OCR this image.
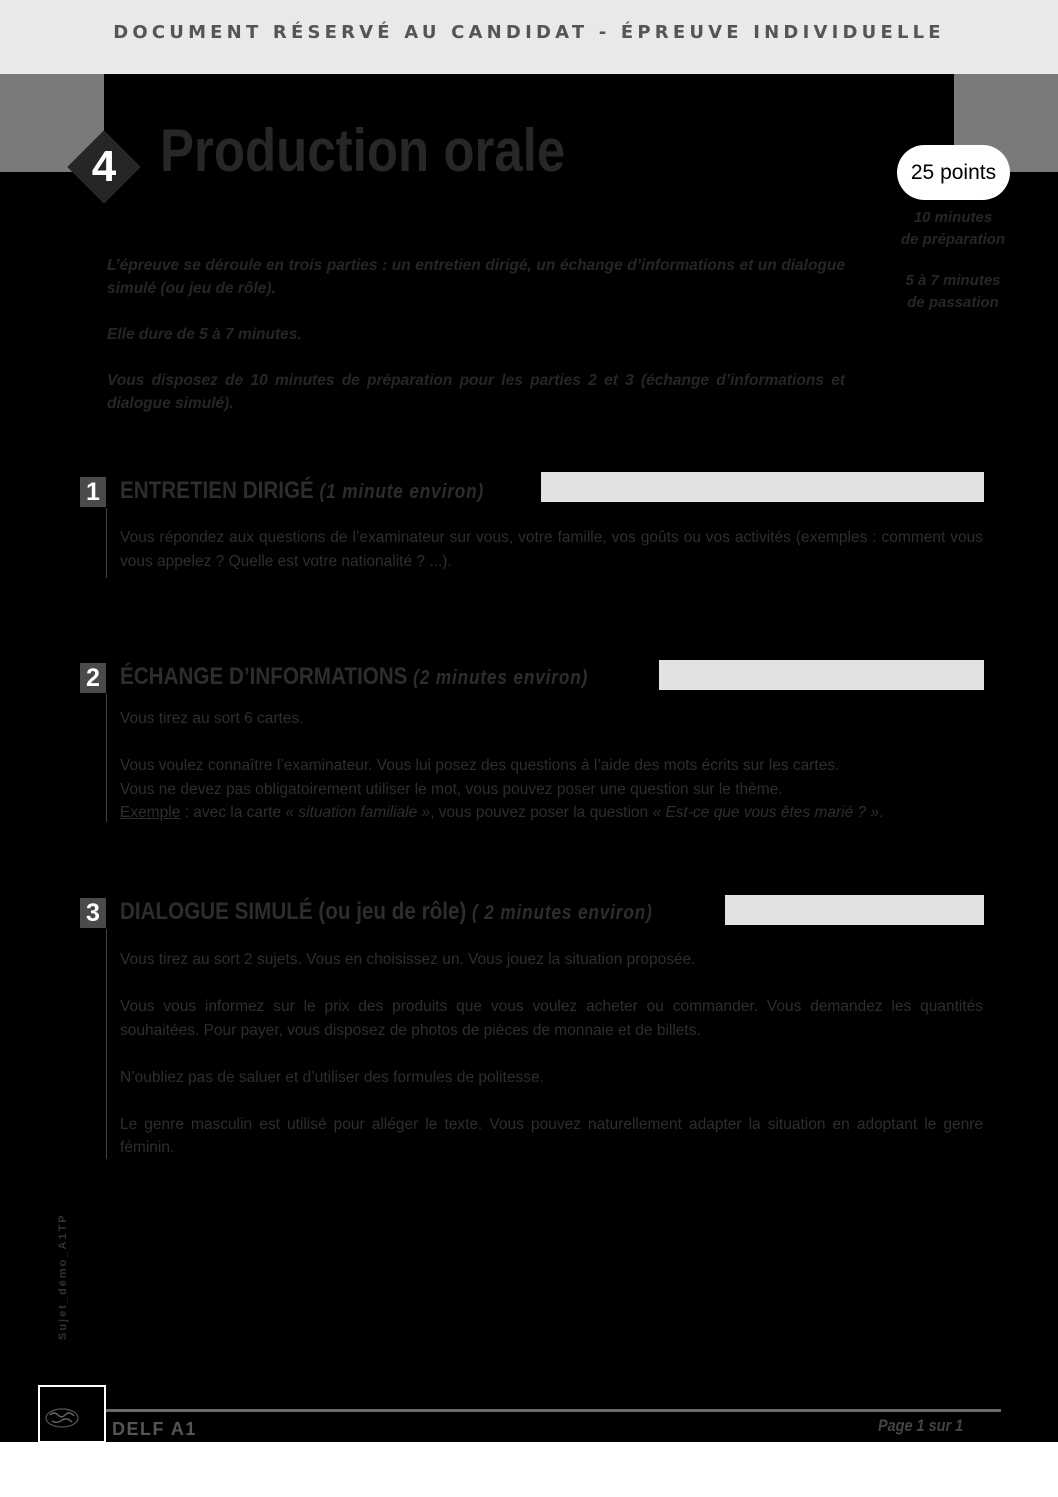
DOCUMENT RÉSERVÉ AU CANDIDAT - ÉPREUVE INDIVIDUELLE
4 Production orale	25 points
10 minutes
de préparation
5 à 7 minutes
de passation

L’épreuve se déroule en trois parties : un entretien dirigé, un échange d’informations et un dialogue simulé (ou jeu de rôle).

Elle dure de 5 à 7 minutes.

Vous disposez de 10 minutes de préparation pour les parties 2 et 3 (échange d’informations et dialogue simulé).

1 ENTRETIEN DIRIGÉ (1 minute environ)

Vous répondez aux questions de l’examinateur sur vous, votre famille, vos goûts ou vos activités (exemples : comment vous vous appelez ? Quelle est votre nationalité ? ...).

2 ÉCHANGE D’INFORMATIONS (2 minutes environ)

Vous tirez au sort 6 cartes.

Vous voulez connaître l’examinateur. Vous lui posez des questions à l’aide des mots écrits sur les cartes.
Vous ne devez pas obligatoirement utiliser le mot, vous pouvez poser une question sur le thème.
Exemple : avec la carte « situation familiale », vous pouvez poser la question « Est-ce que vous êtes marié ? ».
3 DIALOGUE SIMULÉ (ou jeu de rôle) ( 2 minutes environ)

Vous tirez au sort 2 sujets. Vous en choisissez un. Vous jouez la situation proposée.

Vous vous informez sur le prix des produits que vous voulez acheter ou commander. Vous demandez les quantités souhaitées. Pour payer, vous disposez de photos de pièces de monnaie et de billets.

N’oubliez pas de saluer et d’utiliser des formules de politesse.

Le genre masculin est utilisé pour alléger le texte. Vous pouvez naturellement adapter la situation en adoptant le genre féminin.

Sujet_démo_A1TP
DELF A1	Page 1 sur 1
